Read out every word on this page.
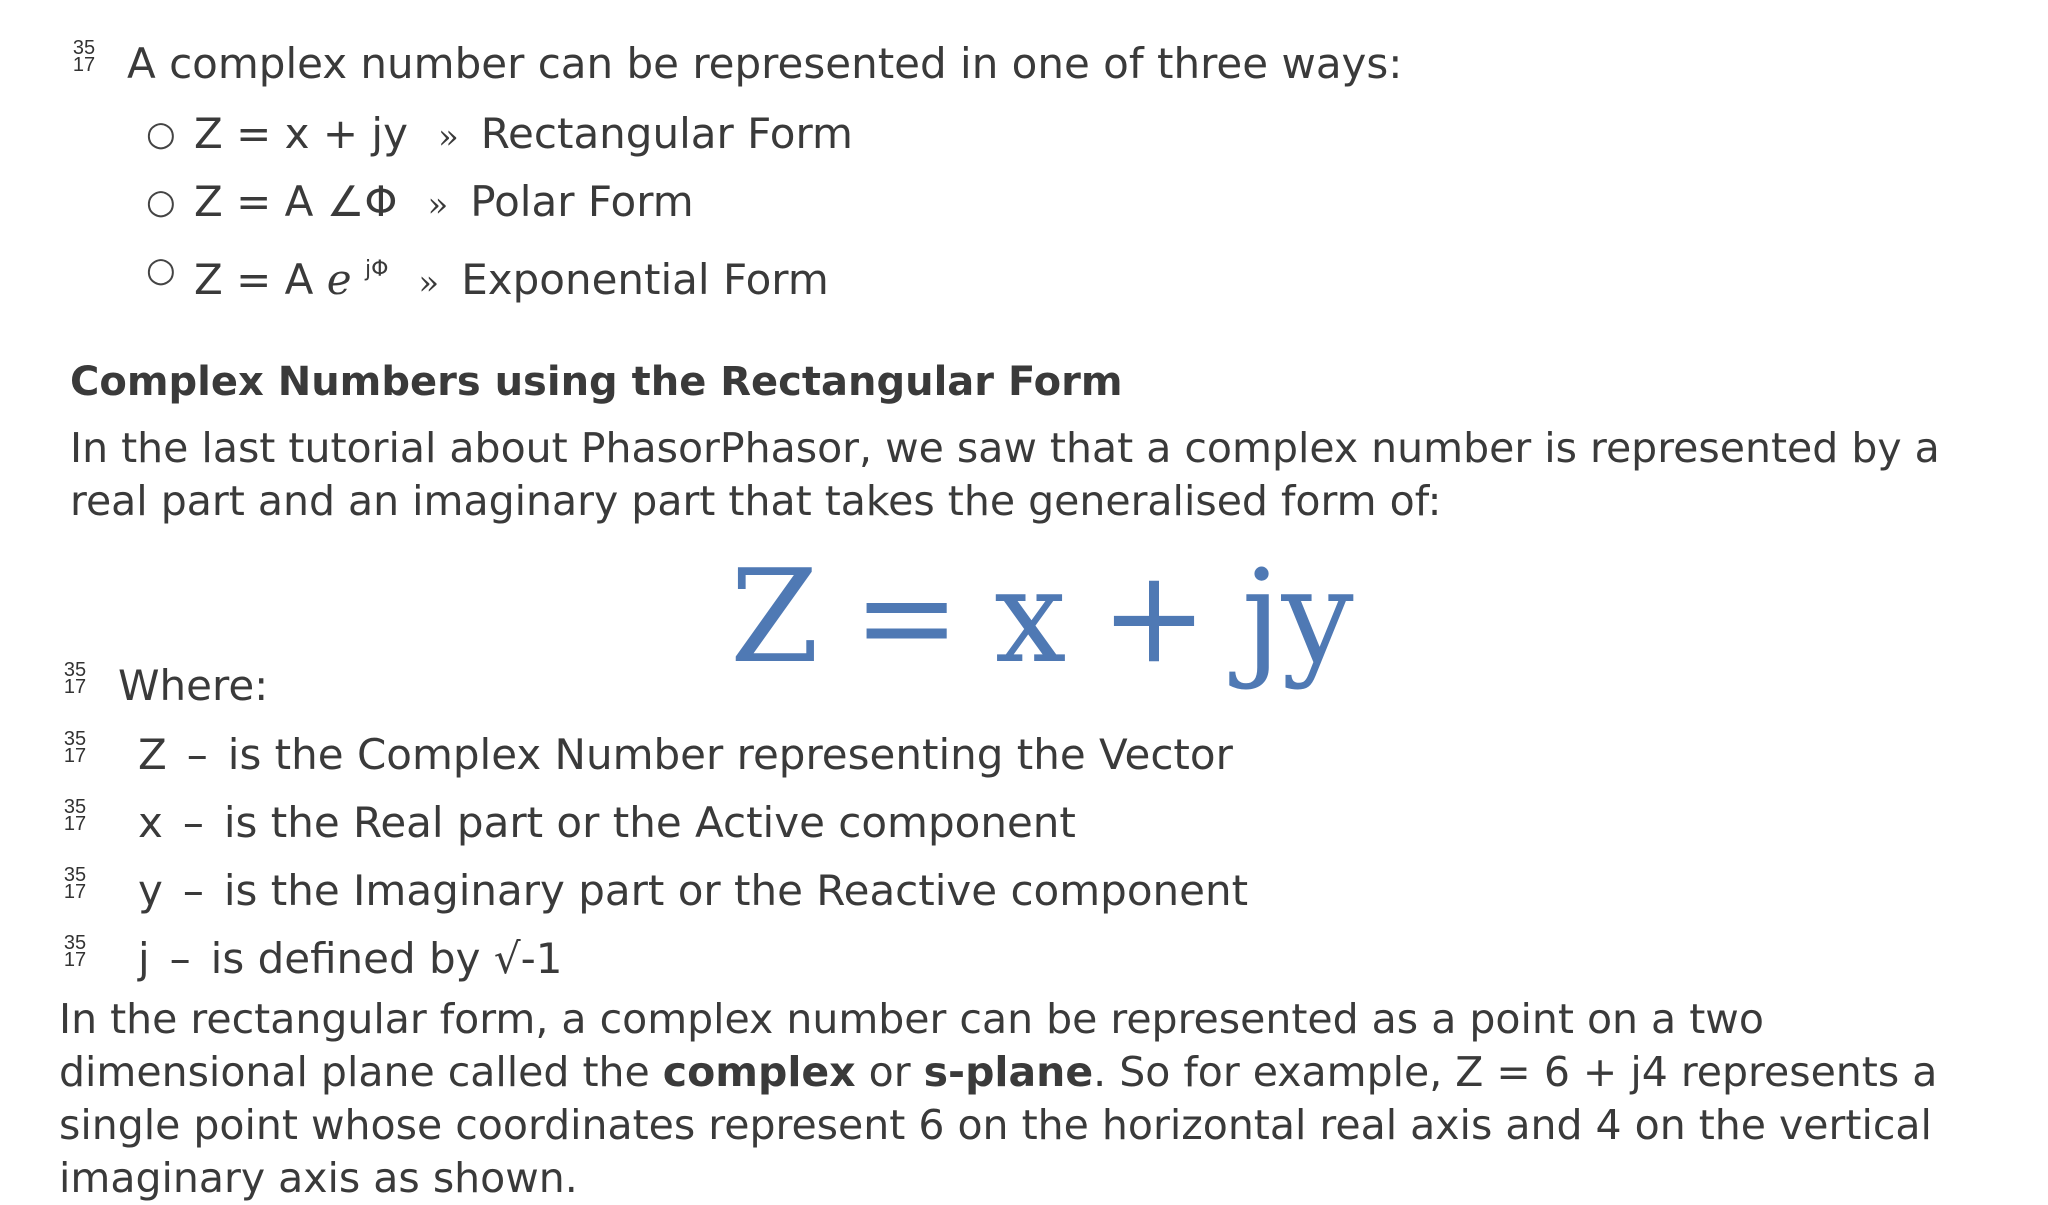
35
17 A complex number can be represented in one of three ways:
○ Z = x + jy » Rectangular Form
○ Z = A ∠Φ » Polar Form
○ Z = A e $^{j\Phi}$ » Exponential Form
Complex Numbers using the Rectangular Form
In the last tutorial about PhasorPhasor, we saw that a complex number is represented by a real part and an imaginary part that takes the generalised form of:
Z = x + jy
35
17 Where:
35
17 Z – is the Complex Number representing the Vector
35
17 x – is the Real part or the Active component
35
17 y – is the Imaginary part or the Reactive component
35
17 j – is defined by √-1
In the rectangular form, a complex number can be represented as a point on a two dimensional plane called the complex or s-plane. So for example, Z = 6 + j4 represents a single point whose coordinates represent 6 on the horizontal real axis and 4 on the vertical imaginary axis as shown.
